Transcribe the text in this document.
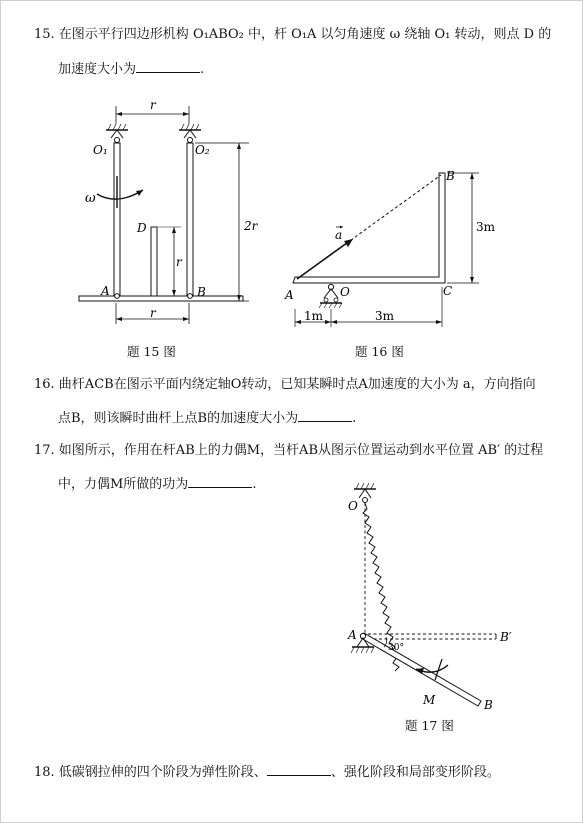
15. 在图示平行四边形机构 O₁ABO₂ 中，杆 O₁A 以匀角速度 ω 绕轴 O₁ 转动，则点 D 的
加速度大小为	.
r
2r
r
r
O₁	O₂
ω
D
A	B
题 15 图
a
3m
1m	3m
A	O	C
B
题 16 图
16. 曲杆ACB在图示平面内绕定轴O转动，已知某瞬时点A加速度的大小为 a，方向指向
点B，则该瞬时曲杆上点B的加速度大小为	.
17. 如图所示，作用在杆AB上的力偶M，当杆AB从图示位置运动到水平位置 AB′ 的过程
中，力偶M所做的功为	.
O
B′
A
30°
M	B
题 17 图
18. 低碳钢拉伸的四个阶段为弹性阶段、	、强化阶段和局部变形阶段。
